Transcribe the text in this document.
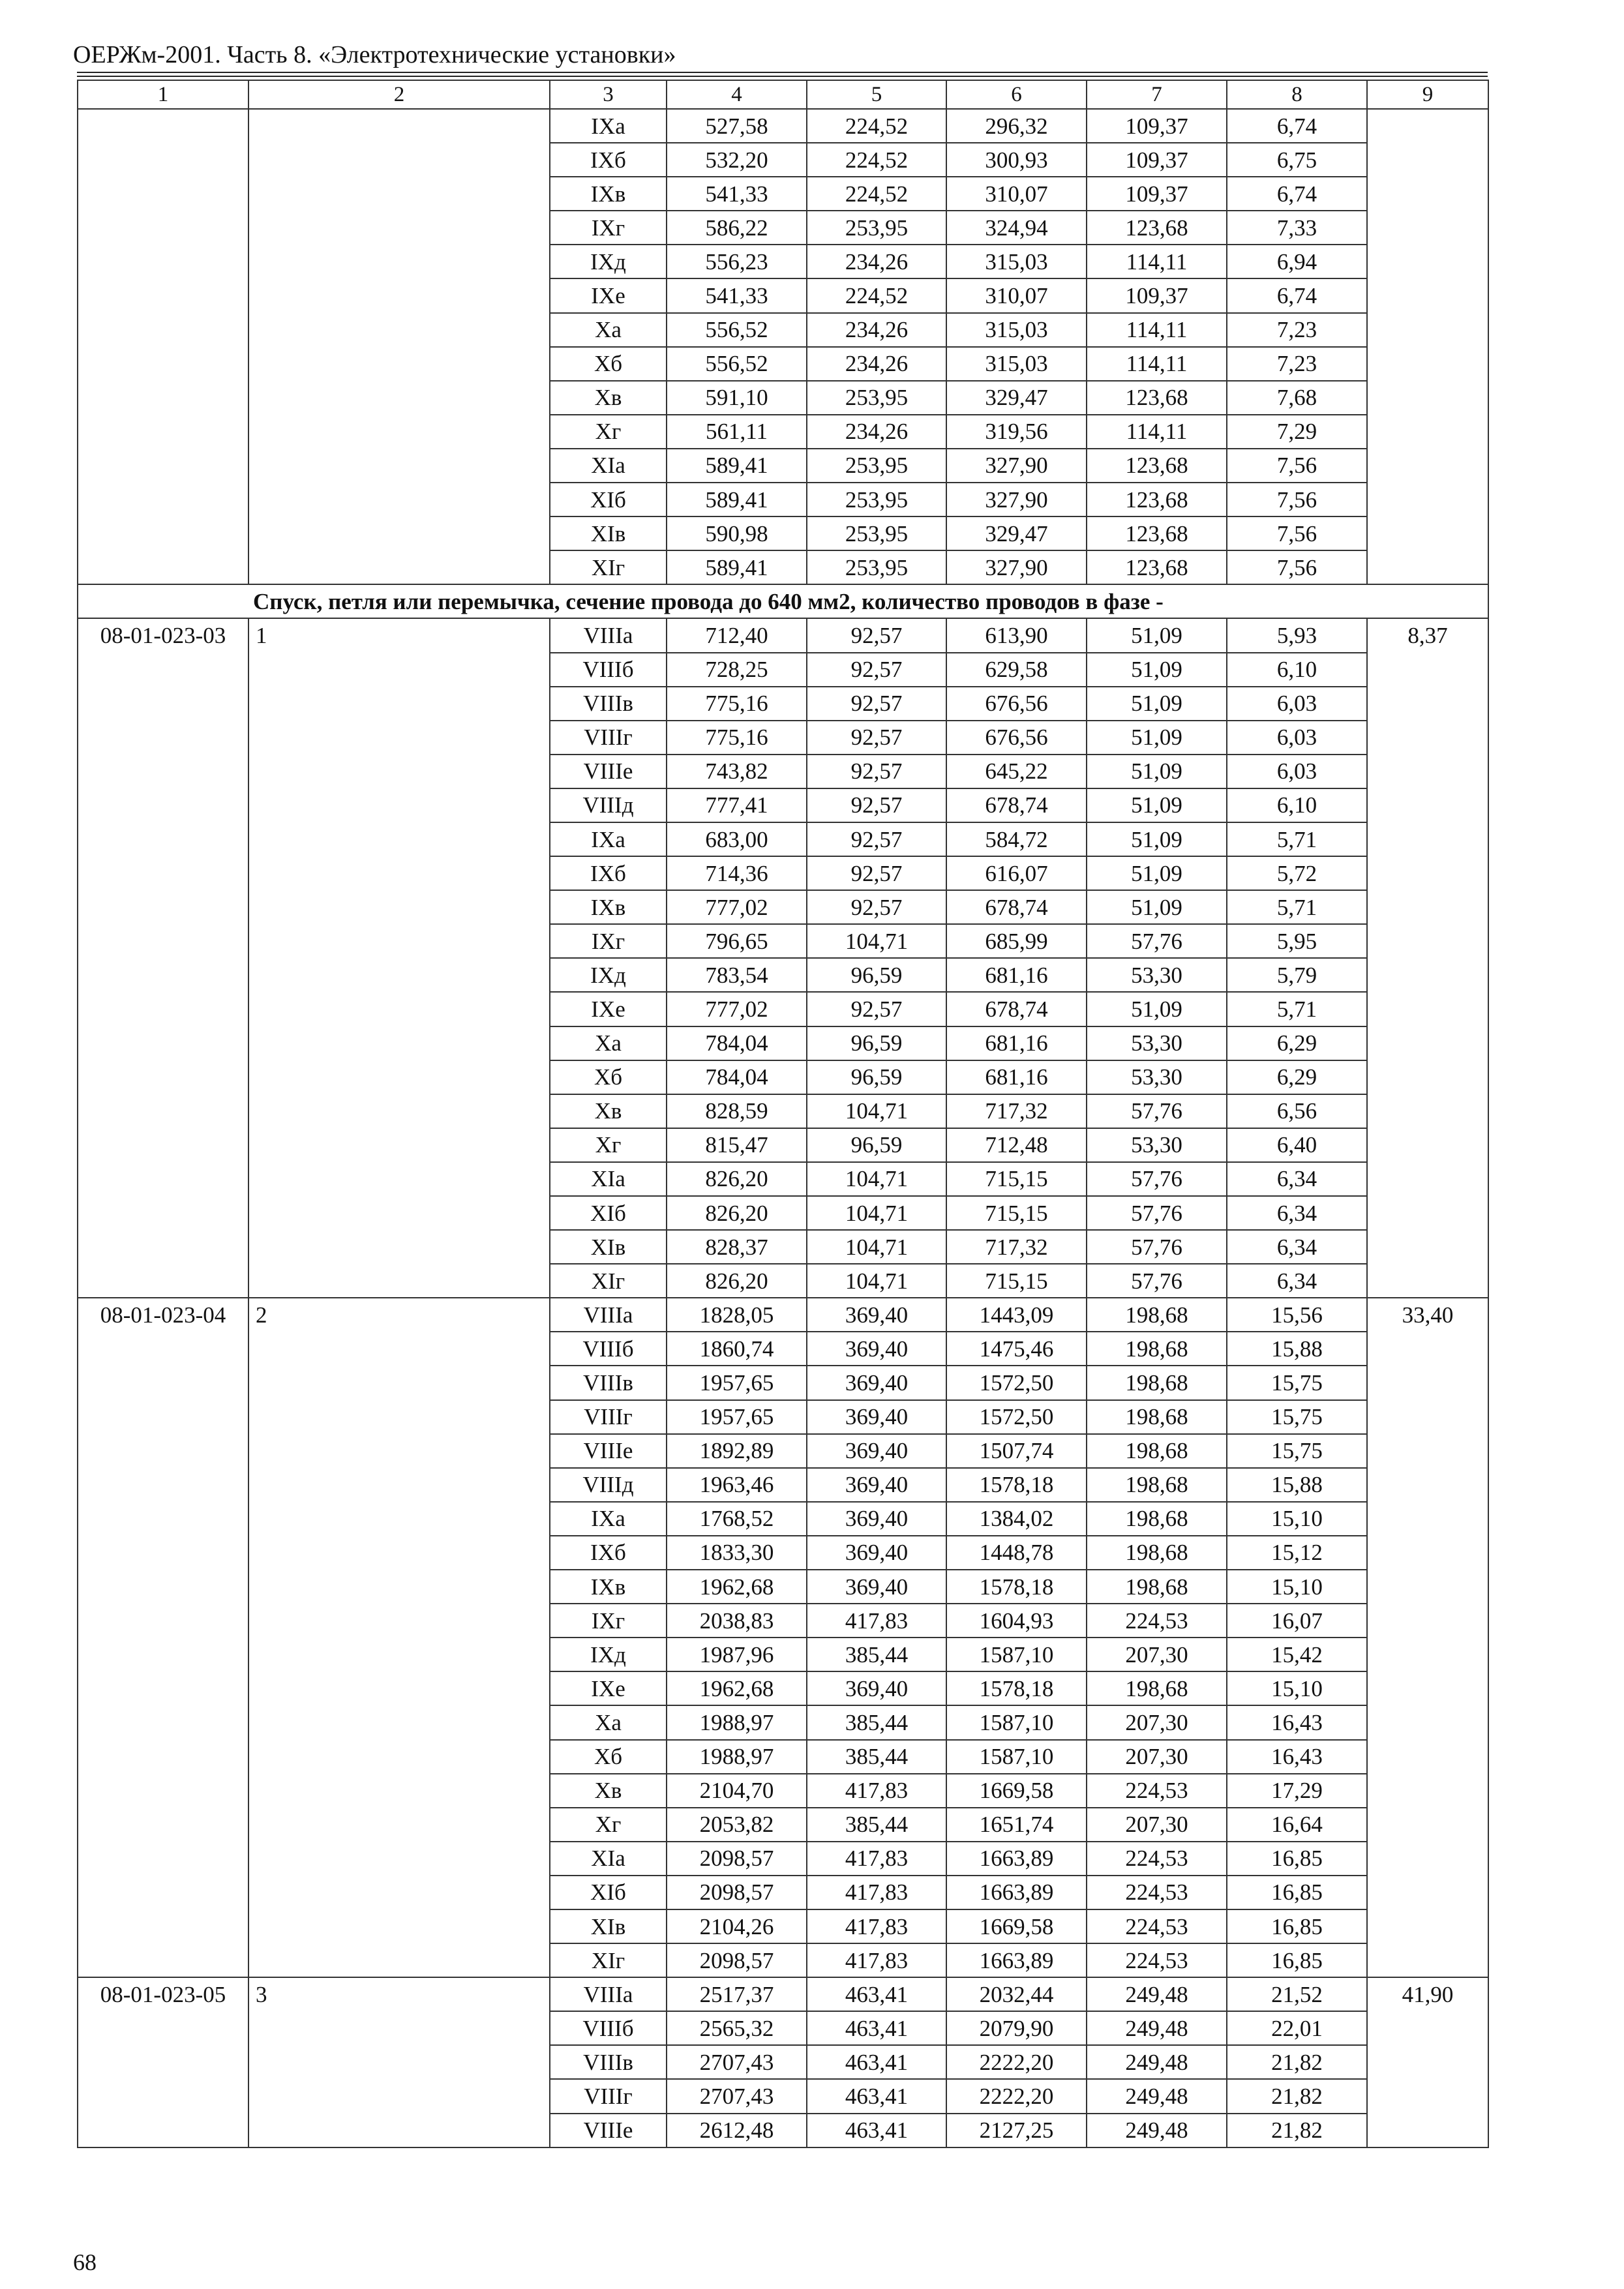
ОЕРЖм-2001. Часть 8. «Электротехнические установки»
1	2	3	4	5	6	7	8	9
		IXа	527,58	224,52	296,32	109,37	6,74	
		IXб	532,20	224,52	300,93	109,37	6,75	
		IXв	541,33	224,52	310,07	109,37	6,74	
		IXг	586,22	253,95	324,94	123,68	7,33	
		IXд	556,23	234,26	315,03	114,11	6,94	
		IXе	541,33	224,52	310,07	109,37	6,74	
		Xа	556,52	234,26	315,03	114,11	7,23	
		Xб	556,52	234,26	315,03	114,11	7,23	
		Xв	591,10	253,95	329,47	123,68	7,68	
		Xг	561,11	234,26	319,56	114,11	7,29	
		XIа	589,41	253,95	327,90	123,68	7,56	
		XIб	589,41	253,95	327,90	123,68	7,56	
		XIв	590,98	253,95	329,47	123,68	7,56	
		XIг	589,41	253,95	327,90	123,68	7,56	
Спуск, петля или перемычка, сечение провода до 640 мм2, количество проводов в фазе -								
08-01-023-03	1	VIIIа	712,40	92,57	613,90	51,09	5,93	8,37
		VIIIб	728,25	92,57	629,58	51,09	6,10	
		VIIIв	775,16	92,57	676,56	51,09	6,03	
		VIIIг	775,16	92,57	676,56	51,09	6,03	
		VIIIе	743,82	92,57	645,22	51,09	6,03	
		VIIIд	777,41	92,57	678,74	51,09	6,10	
		IXа	683,00	92,57	584,72	51,09	5,71	
		IXб	714,36	92,57	616,07	51,09	5,72	
		IXв	777,02	92,57	678,74	51,09	5,71	
		IXг	796,65	104,71	685,99	57,76	5,95	
		IXд	783,54	96,59	681,16	53,30	5,79	
		IXе	777,02	92,57	678,74	51,09	5,71	
		Xа	784,04	96,59	681,16	53,30	6,29	
		Xб	784,04	96,59	681,16	53,30	6,29	
		Xв	828,59	104,71	717,32	57,76	6,56	
		Xг	815,47	96,59	712,48	53,30	6,40	
		XIа	826,20	104,71	715,15	57,76	6,34	
		XIб	826,20	104,71	715,15	57,76	6,34	
		XIв	828,37	104,71	717,32	57,76	6,34	
		XIг	826,20	104,71	715,15	57,76	6,34	
08-01-023-04	2	VIIIа	1828,05	369,40	1443,09	198,68	15,56	33,40
		VIIIб	1860,74	369,40	1475,46	198,68	15,88	
		VIIIв	1957,65	369,40	1572,50	198,68	15,75	
		VIIIг	1957,65	369,40	1572,50	198,68	15,75	
		VIIIе	1892,89	369,40	1507,74	198,68	15,75	
		VIIIд	1963,46	369,40	1578,18	198,68	15,88	
		IXа	1768,52	369,40	1384,02	198,68	15,10	
		IXб	1833,30	369,40	1448,78	198,68	15,12	
		IXв	1962,68	369,40	1578,18	198,68	15,10	
		IXг	2038,83	417,83	1604,93	224,53	16,07	
		IXд	1987,96	385,44	1587,10	207,30	15,42	
		IXе	1962,68	369,40	1578,18	198,68	15,10	
		Xа	1988,97	385,44	1587,10	207,30	16,43	
		Xб	1988,97	385,44	1587,10	207,30	16,43	
		Xв	2104,70	417,83	1669,58	224,53	17,29	
		Xг	2053,82	385,44	1651,74	207,30	16,64	
		XIа	2098,57	417,83	1663,89	224,53	16,85	
		XIб	2098,57	417,83	1663,89	224,53	16,85	
		XIв	2104,26	417,83	1669,58	224,53	16,85	
		XIг	2098,57	417,83	1663,89	224,53	16,85	
08-01-023-05	3	VIIIа	2517,37	463,41	2032,44	249,48	21,52	41,90
		VIIIб	2565,32	463,41	2079,90	249,48	22,01	
		VIIIв	2707,43	463,41	2222,20	249,48	21,82	
		VIIIг	2707,43	463,41	2222,20	249,48	21,82	
		VIIIе	2612,48	463,41	2127,25	249,48	21,82	
68
